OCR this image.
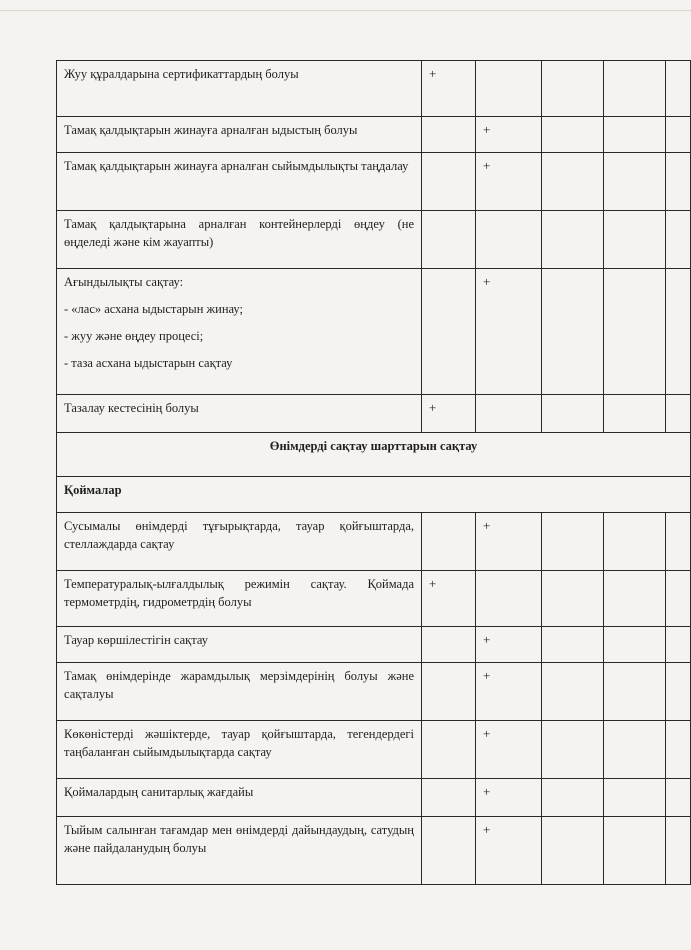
Жуу құралдарына сертификаттардың болуы	+				

Тамақ қалдықтарын жинауға арналған ыдыстың болуы		+			

Тамақ қалдықтарын жинауға арналған сыйымдылықты таңдалау		+			

Тамақ қалдықтарына арналған контейнерлерді өңдеу (не өңделеді және кім жауапты)					

Ағындылықты сақтау:
- «лас» асхана ыдыстарын жинау;
- жуу және өңдеу процесі;
- таза асхана ыдыстарын сақтау		+			

Тазалау кестесінің болуы	+				
Өнімдерді сақтау шарттарын сақтау					
Қоймалар					

Сусымалы өнімдерді тұғырықтарда, тауар қойғыштарда, стеллаждарда сақтау		+			

Температуралық-ылғалдылық режимін сақтау. Қоймада термометрдің, гидрометрдің болуы	+				

Тауар көршілестігін сақтау		+			

Тамақ өнімдерінде жарамдылық мерзімдерінің болуы және сақталуы		+			

Көкөністерді жәшіктерде, тауар қойғыштарда, тегендердегі таңбаланған сыйымдылықтарда сақтау		+			

Қоймалардың санитарлық жағдайы		+			

Тыйым салынған тағамдар мен өнімдерді дайындаудың, сатудың және пайдаланудың болуы		+			
